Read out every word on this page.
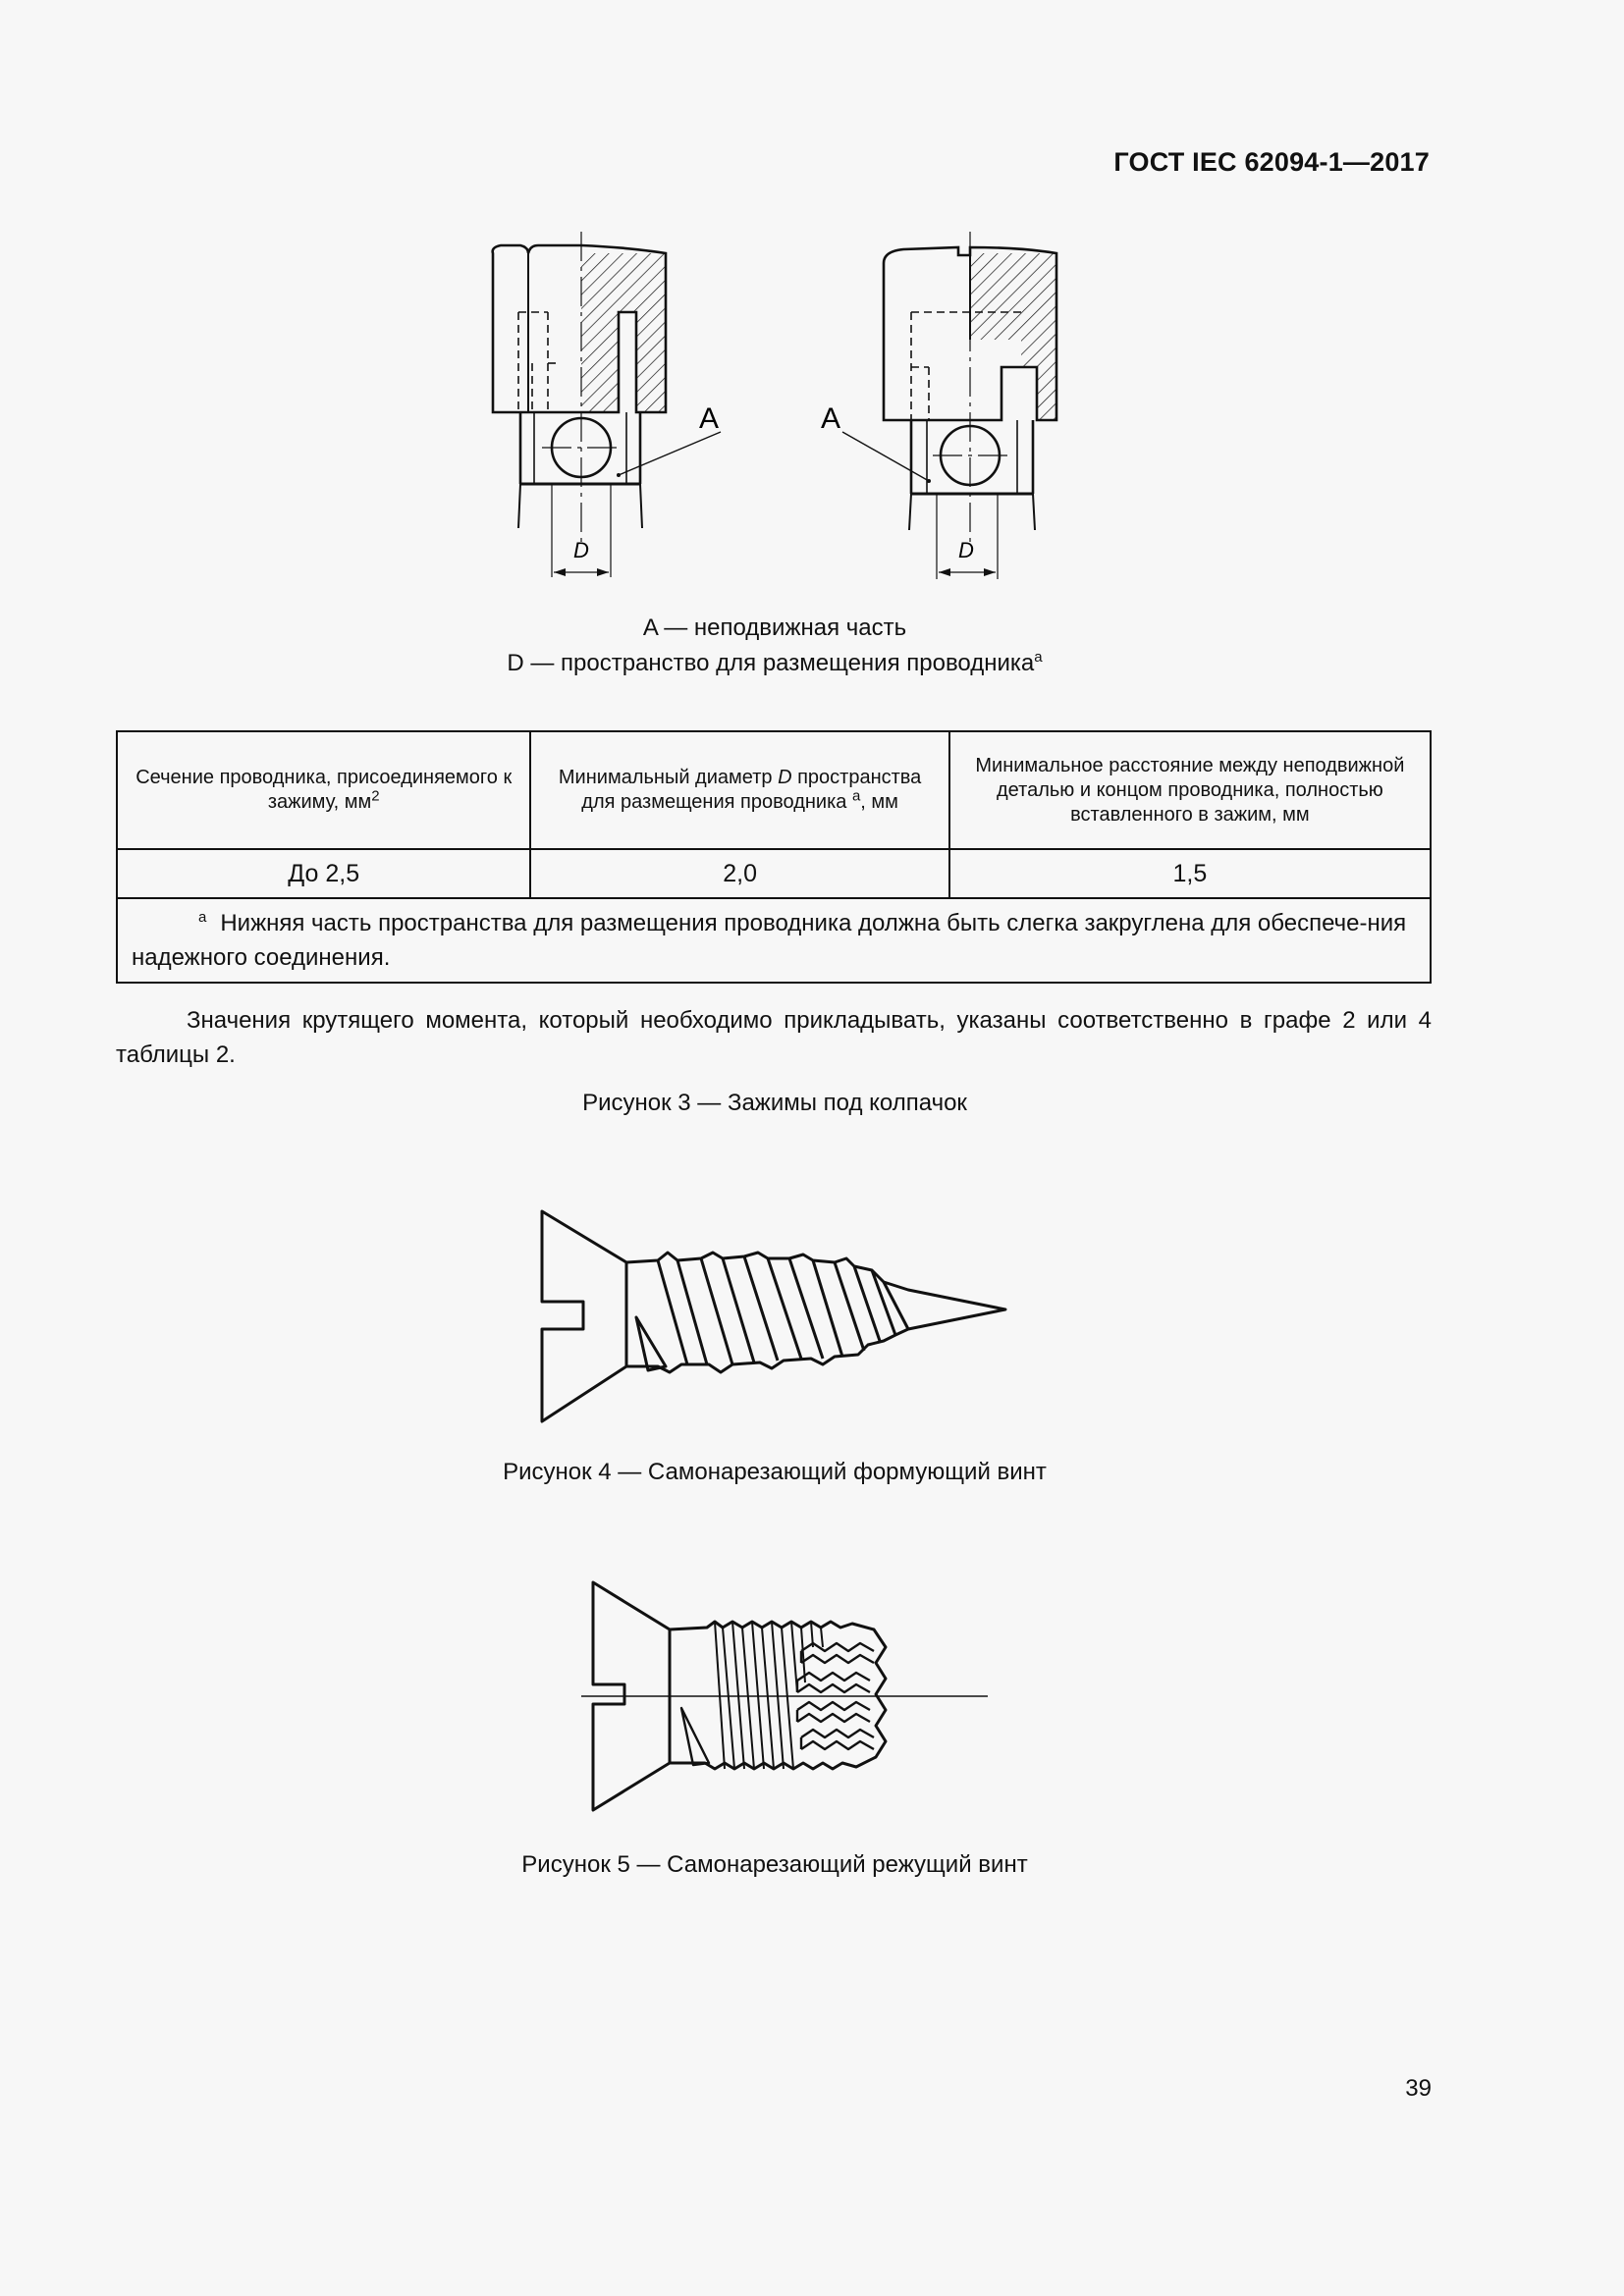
ГОСТ IEC 62094-1—2017
A
D
A
D
A — неподвижная часть
D — пространство для размещения проводника$^a$
Сечение проводника, присоединяемого к зажиму, $мм^2$	Минимальный диаметр D пространства для размещения проводника $^a$, мм	Минимальное расстояние между неподвижной деталью и концом проводника, полностью вставленного в зажим, мм
До 2,5	2,0	1,5
$^a$ Нижняя часть пространства для размещения проводника должна быть слегка закруглена для обеспече-ния надежного соединения.		
Значения крутящего момента, который необходимо прикладывать, указаны соответственно в графе 2 или 4 таблицы 2.
Рисунок 3 — Зажимы под колпачок
Рисунок 4 — Самонарезающий формующий винт
Рисунок 5 — Самонарезающий режущий винт
39
